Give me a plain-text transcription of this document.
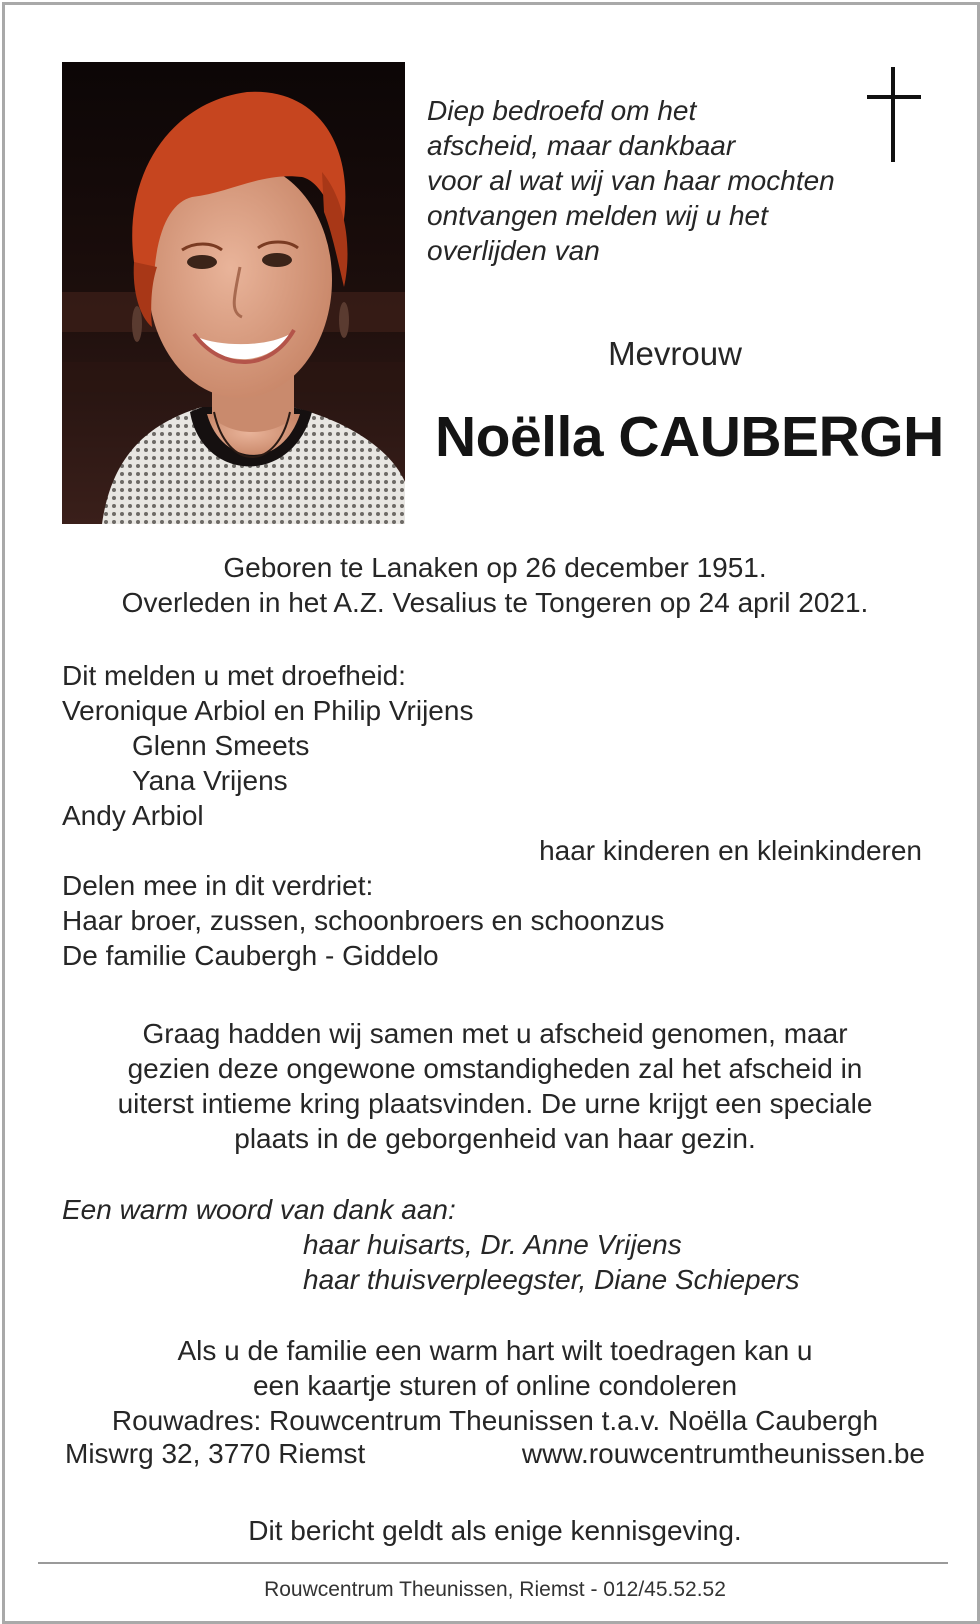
Diep bedroefd om het
afscheid, maar dankbaar
voor al wat wij van haar mochten
ontvangen melden wij u het
overlijden van
Mevrouw
Noëlla CAUBERGH
Geboren te Lanaken op 26 december 1951.
Overleden in het A.Z. Vesalius te Tongeren op 24 april 2021.
Dit melden u met droefheid:
Veronique Arbiol en Philip Vrijens
Glenn Smeets
Yana Vrijens
Andy Arbiol
haar kinderen en kleinkinderen
Delen mee in dit verdriet:
Haar broer, zussen, schoonbroers en schoonzus
De familie Caubergh - Giddelo
Graag hadden wij samen met u afscheid genomen, maar
gezien deze ongewone omstandigheden zal het afscheid in
uiterst intieme kring plaatsvinden. De urne krijgt een speciale
plaats in de geborgenheid van haar gezin.
Een warm woord van dank aan:
haar huisarts, Dr. Anne Vrijens
haar thuisverpleegster, Diane Schiepers
Als u de familie een warm hart wilt toedragen kan u
een kaartje sturen of online condoleren
Rouwadres: Rouwcentrum Theunissen t.a.v. Noëlla Caubergh
Miswrg 32, 3770 Riemst	www.rouwcentrumtheunissen.be
Dit bericht geldt als enige kennisgeving.
Rouwcentrum Theunissen, Riemst - 012/45.52.52
